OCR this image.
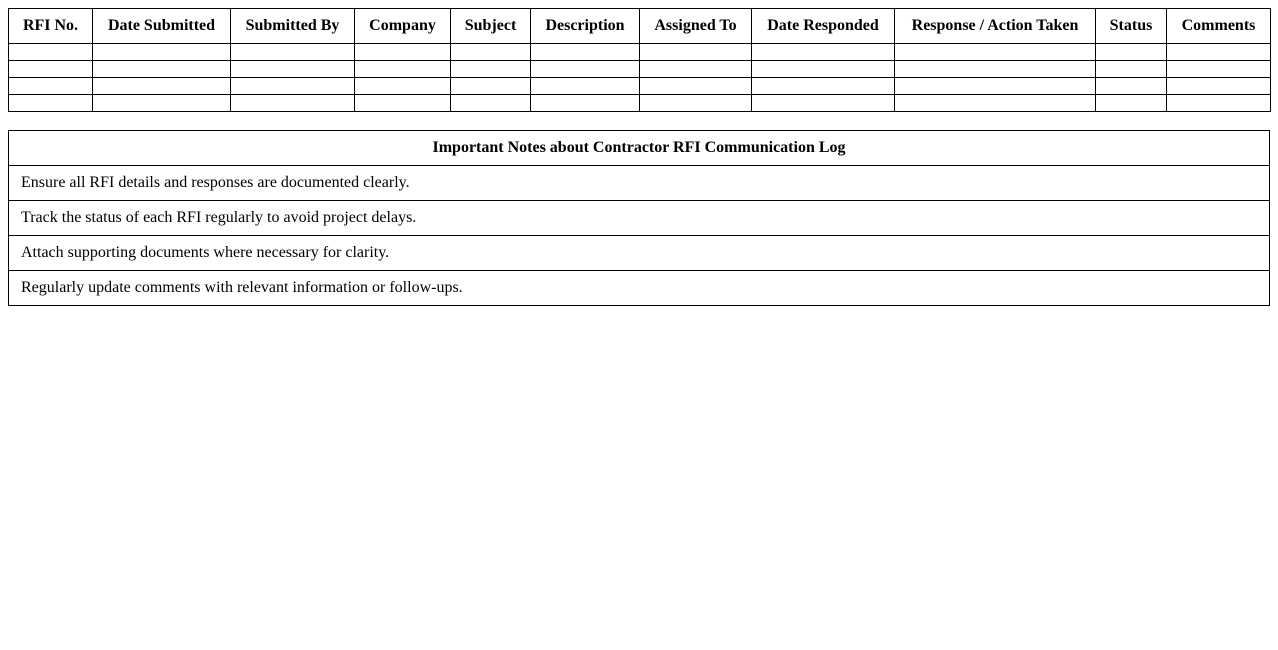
RFI No.	Date Submitted	Submitted By	Company	Subject	Description	Assigned To	Date Responded	Response / Action Taken	Status	Comments

Important Notes about Contractor RFI Communication Log
Ensure all RFI details and responses are documented clearly.
Track the status of each RFI regularly to avoid project delays.
Attach supporting documents where necessary for clarity.
Regularly update comments with relevant information or follow-ups.
